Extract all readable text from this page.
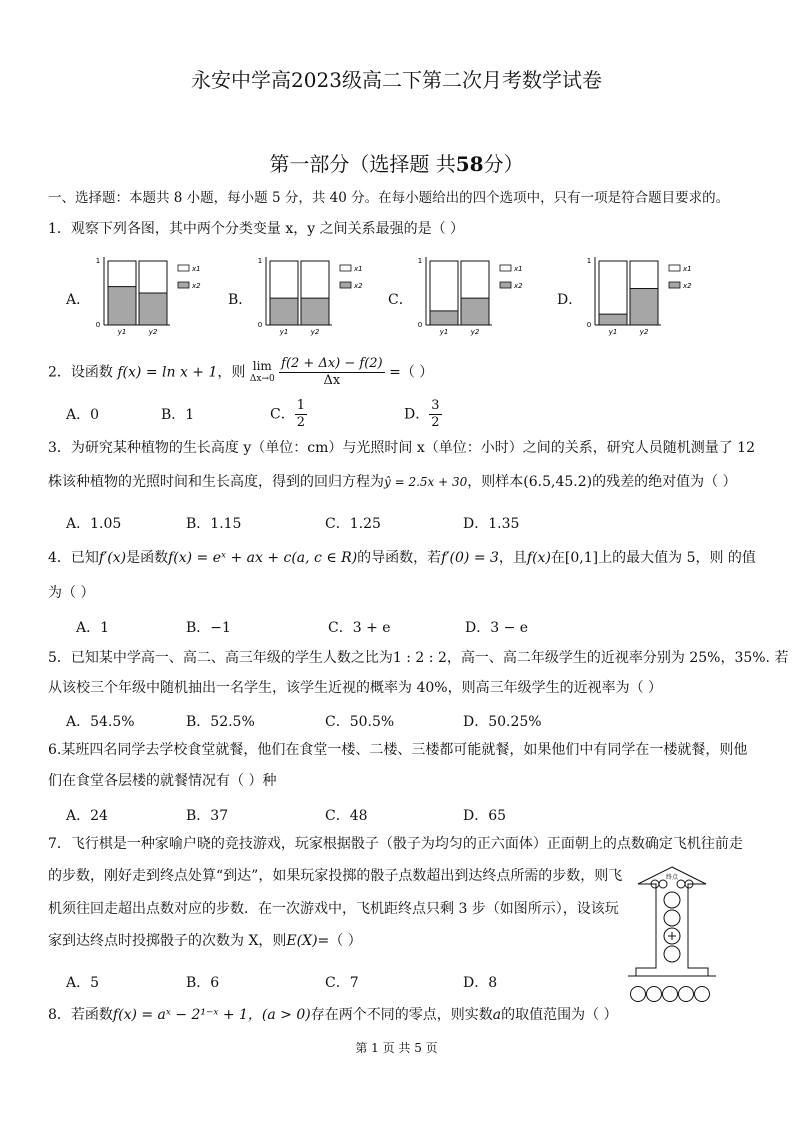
永安中学高2023级高二下第二次月考数学试卷
第一部分（选择题 共58分）
一、选择题：本题共 8 小题，每小题 5 分，共 40 分。在每小题给出的四个选项中，只有一项是符合题目要求的。
1．观察下列各图，其中两个分类变量 x，y 之间关系最强的是（ ）
A．
1
0
y1	y2
x1
x2
B．
1
0
y1	y2
x1
x2
C．
1
0
y1	y2
x1
x2
D．
1
0
y1	y2
x1
x2
2．设函数 f(x) = ln x + 1，则 lim
Δx→0
$\frac{f(2 + \Delta x) - f(2)}{\Delta x}$ =（ ）
A．0	B．1	C． $\frac{1}{2}$	D． $\frac{3}{2}$
3．为研究某种植物的生长高度 y（单位：cm）与光照时间 x（单位：小时）之间的关系，研究人员随机测量了 12
株该种植物的光照时间和生长高度，得到的回归方程为ŷ = 2.5x + 30，则样本(6.5,45.2)的残差的绝对值为（ ）
A．1.05	B．1.15	C．1.25	D．1.35
4．已知f′(x)是函数f(x) = eˣ + ax + c(a, c ∈ R)的导函数，若f′(0) = 3，且f(x)在[0,1]上的最大值为 5，则 的值
为（ ）
A．1	B．−1	C．3 + e	D．3 − e
5．已知某中学高一、高二、高三年级的学生人数之比为1 : 2 : 2，高一、高二年级学生的近视率分别为 25%，35%. 若
从该校三个年级中随机抽出一名学生，该学生近视的概率为 40%，则高三年级学生的近视率为（ ）
A．54.5%	B．52.5%	C．50.5%	D．50.25%
6.某班四名同学去学校食堂就餐，他们在食堂一楼、二楼、三楼都可能就餐，如果他们中有同学在一楼就餐，则他
们在食堂各层楼的就餐情况有（ ）种
A．24	B．37	C．48	D．65
7．飞行棋是一种家喻户晓的竞技游戏，玩家根据骰子（骰子为均匀的正六面体）正面朝上的点数确定飞机往前走
的步数，刚好走到终点处算“到达”，如果玩家投掷的骰子点数超出到达终点所需的步数，则飞
机须往回走超出点数对应的步数．在一次游戏中，飞机距终点只剩 3 步（如图所示），设该玩
家到达终点时投掷骰子的次数为 X，则E(X)=（ ）
A．5	B．6	C．7	D．8
终点
8．若函数f(x) = aˣ − 2¹⁻ˣ + 1，(a > 0)存在两个不同的零点，则实数a的取值范围为（ ）
第 1 页 共 5 页
